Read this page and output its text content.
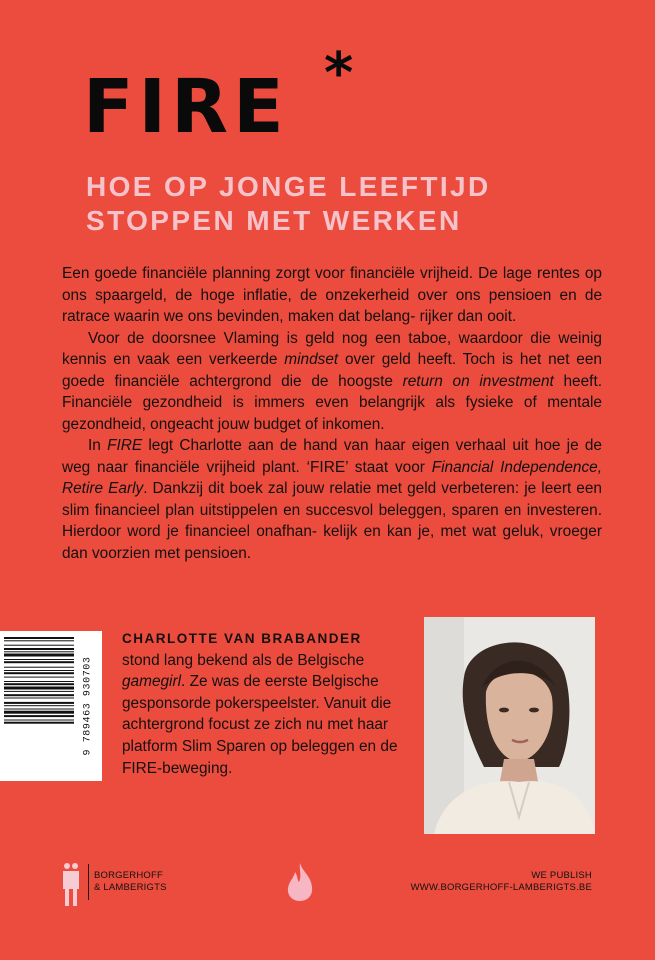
FIRE *
HOE OP JONGE LEEFTIJD
STOPPEN MET WERKEN

Een goede financiële planning zorgt voor financiële vrijheid. De lage rentes op ons spaargeld, de hoge inflatie, de onzekerheid over ons pensioen en de ratrace waarin we ons bevinden, maken dat belang- rijker dan ooit.

Voor de doorsnee Vlaming is geld nog een taboe, waardoor die weinig kennis en vaak een verkeerde mindset over geld heeft. Toch is het net een goede financiële achtergrond die de hoogste return on investment heeft. Financiële gezondheid is immers even belangrijk als fysieke of mentale gezondheid, ongeacht jouw budget of inkomen.

In FIRE legt Charlotte aan de hand van haar eigen verhaal uit hoe je de weg naar financiële vrijheid plant. ‘FIRE’ staat voor Financial Independence, Retire Early. Dankzij dit boek zal jouw relatie met geld verbeteren: je leert een slim financieel plan uitstippelen en succesvol beleggen, sparen en investeren. Hierdoor word je financieel onafhan- kelijk en kan je, met wat geluk, vroeger dan voorzien met pensioen.

9 789463 930703
CHARLOTTE VAN BRABANDER
stond lang bekend als de Belgische gamegirl. Ze was de eerste Belgische gesponsorde pokerspeelster. Vanuit die achtergrond focust ze zich nu met haar platform Slim Sparen op beleggen en de FIRE-beweging.
BORGERHOFF
& LAMBERIGTS
WE PUBLISH
WWW.BORGERHOFF-LAMBERIGTS.BE
